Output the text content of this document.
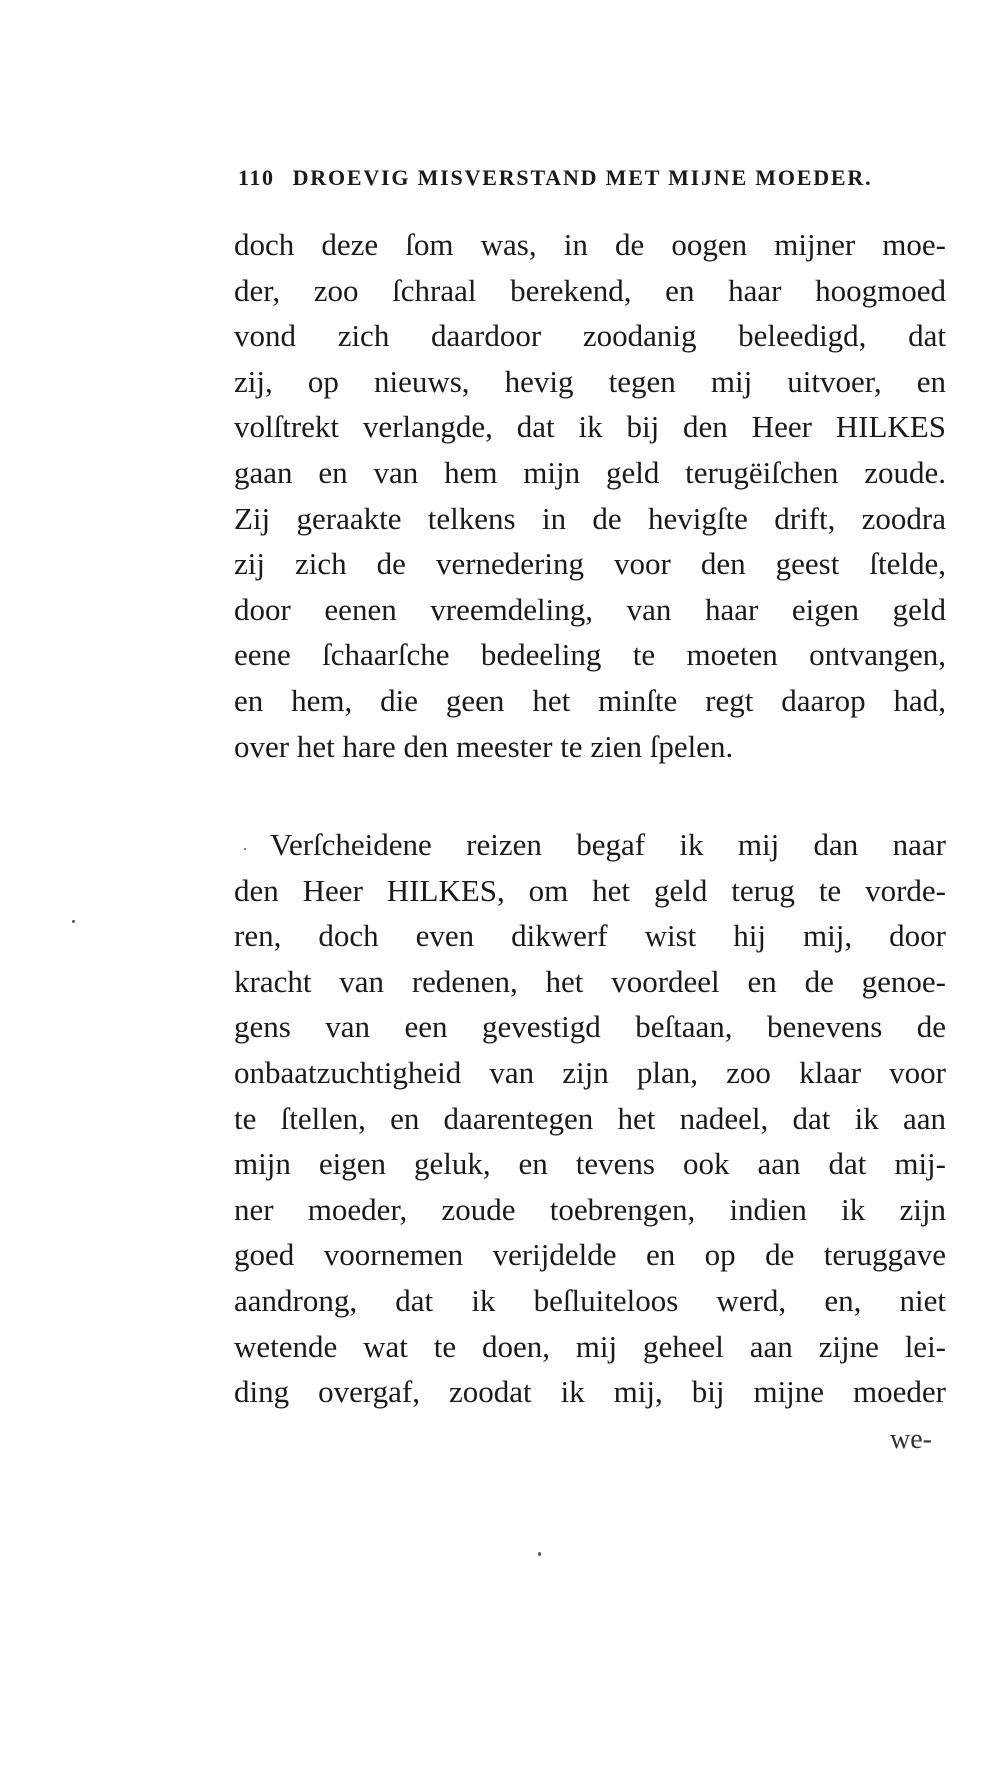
110 DROEVIG MISVERSTAND MET MIJNE MOEDER.
doch deze ſom was, in de oogen mijner moe-
der, zoo ſchraal berekend, en haar hoogmoed
vond zich daardoor zoodanig beleedigd, dat
zij, op nieuws, hevig tegen mij uitvoer, en
volſtrekt verlangde, dat ik bij den Heer HILKES
gaan en van hem mijn geld terugëiſchen zoude.
Zij geraakte telkens in de hevigſte drift, zoodra
zij zich de vernedering voor den geest ſtelde,
door eenen vreemdeling, van haar eigen geld
eene ſchaarſche bedeeling te moeten ontvangen,
en hem, die geen het minſte regt daarop had,
over het hare den meester te zien ſpelen.
Verſcheidene reizen begaf ik mij dan naar
den Heer HILKES, om het geld terug te vorde-
ren, doch even dikwerf wist hij mij, door
kracht van redenen, het voordeel en de genoe-
gens van een gevestigd beſtaan, benevens de
onbaatzuchtigheid van zijn plan, zoo klaar voor
te ſtellen, en daarentegen het nadeel, dat ik aan
mijn eigen geluk, en tevens ook aan dat mij-
ner moeder, zoude toebrengen, indien ik zijn
goed voornemen verijdelde en op de teruggave
aandrong, dat ik beſluiteloos werd, en, niet
wetende wat te doen, mij geheel aan zijne lei-
ding overgaf, zoodat ik mij, bij mijne moeder
we-
